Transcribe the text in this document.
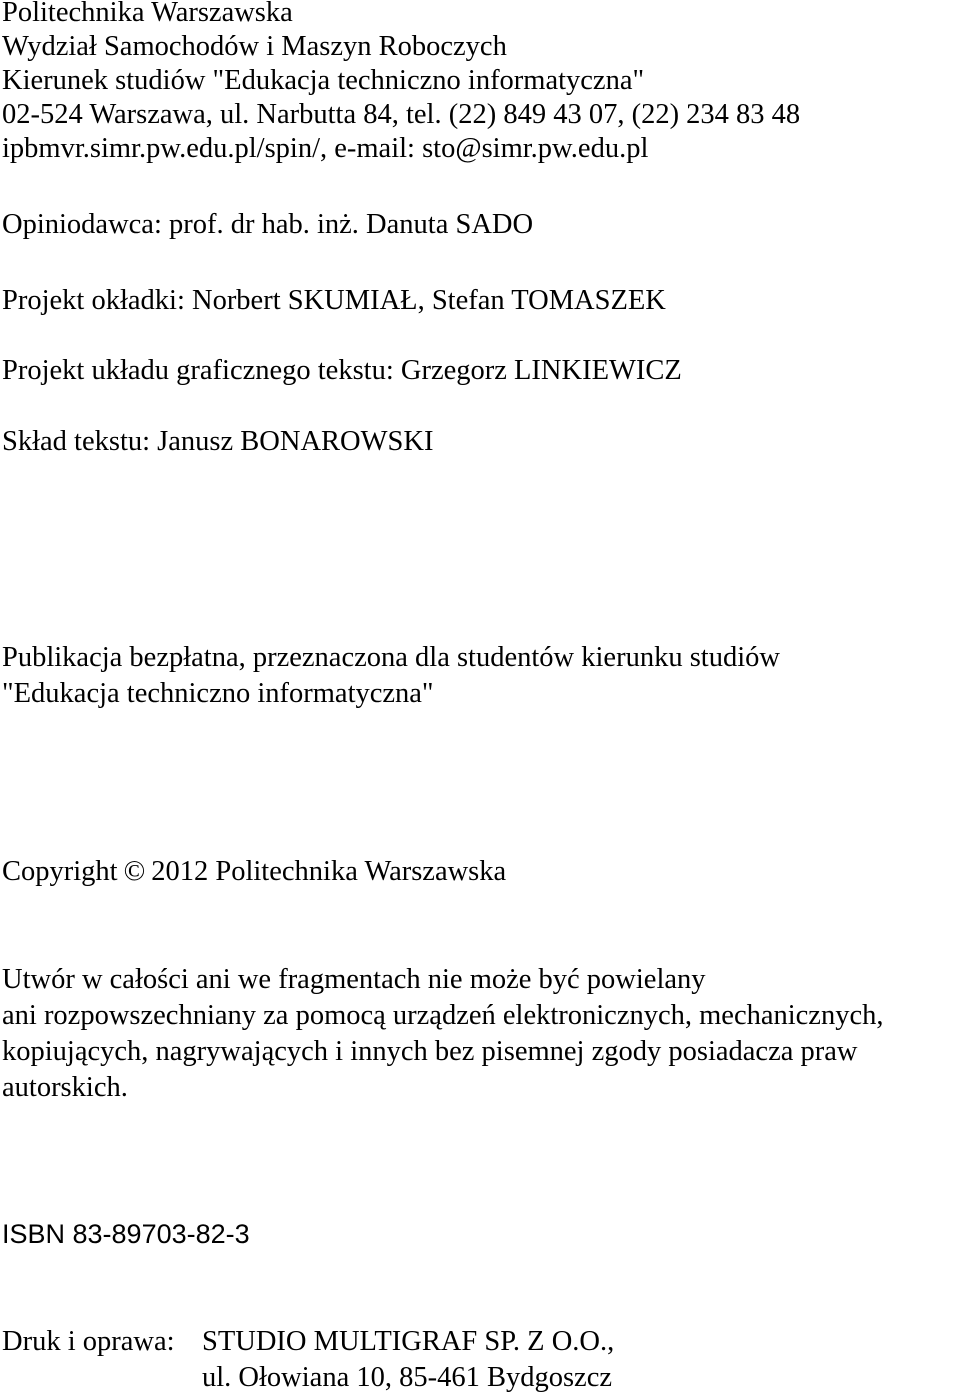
Politechnika Warszawska

Wydział Samochodów i Maszyn Roboczych

Kierunek studiów "Edukacja techniczno informatyczna"

02-524 Warszawa, ul. Narbutta 84, tel. (22) 849 43 07, (22) 234 83 48

ipbmvr.simr.pw.edu.pl/spin/, e-mail: sto@simr.pw.edu.pl

Opiniodawca: prof. dr hab. inż. Danuta SADO

Projekt okładki: Norbert SKUMIAŁ, Stefan TOMASZEK

Projekt układu graficznego tekstu: Grzegorz LINKIEWICZ

Skład tekstu: Janusz BONAROWSKI

Publikacja bezpłatna, przeznaczona dla studentów kierunku studiów

"Edukacja techniczno informatyczna"

Copyright © 2012 Politechnika Warszawska

Utwór w całości ani we fragmentach nie może być powielany

ani rozpowszechniany za pomocą urządzeń elektronicznych, mechanicznych,

kopiujących, nagrywających i innych bez pisemnej zgody posiadacza praw

autorskich.

ISBN 83-89703-82-3

Druk i oprawa: STUDIO MULTIGRAF SP. Z O.O.,

ul. Ołowiana 10, 85-461 Bydgoszcz
